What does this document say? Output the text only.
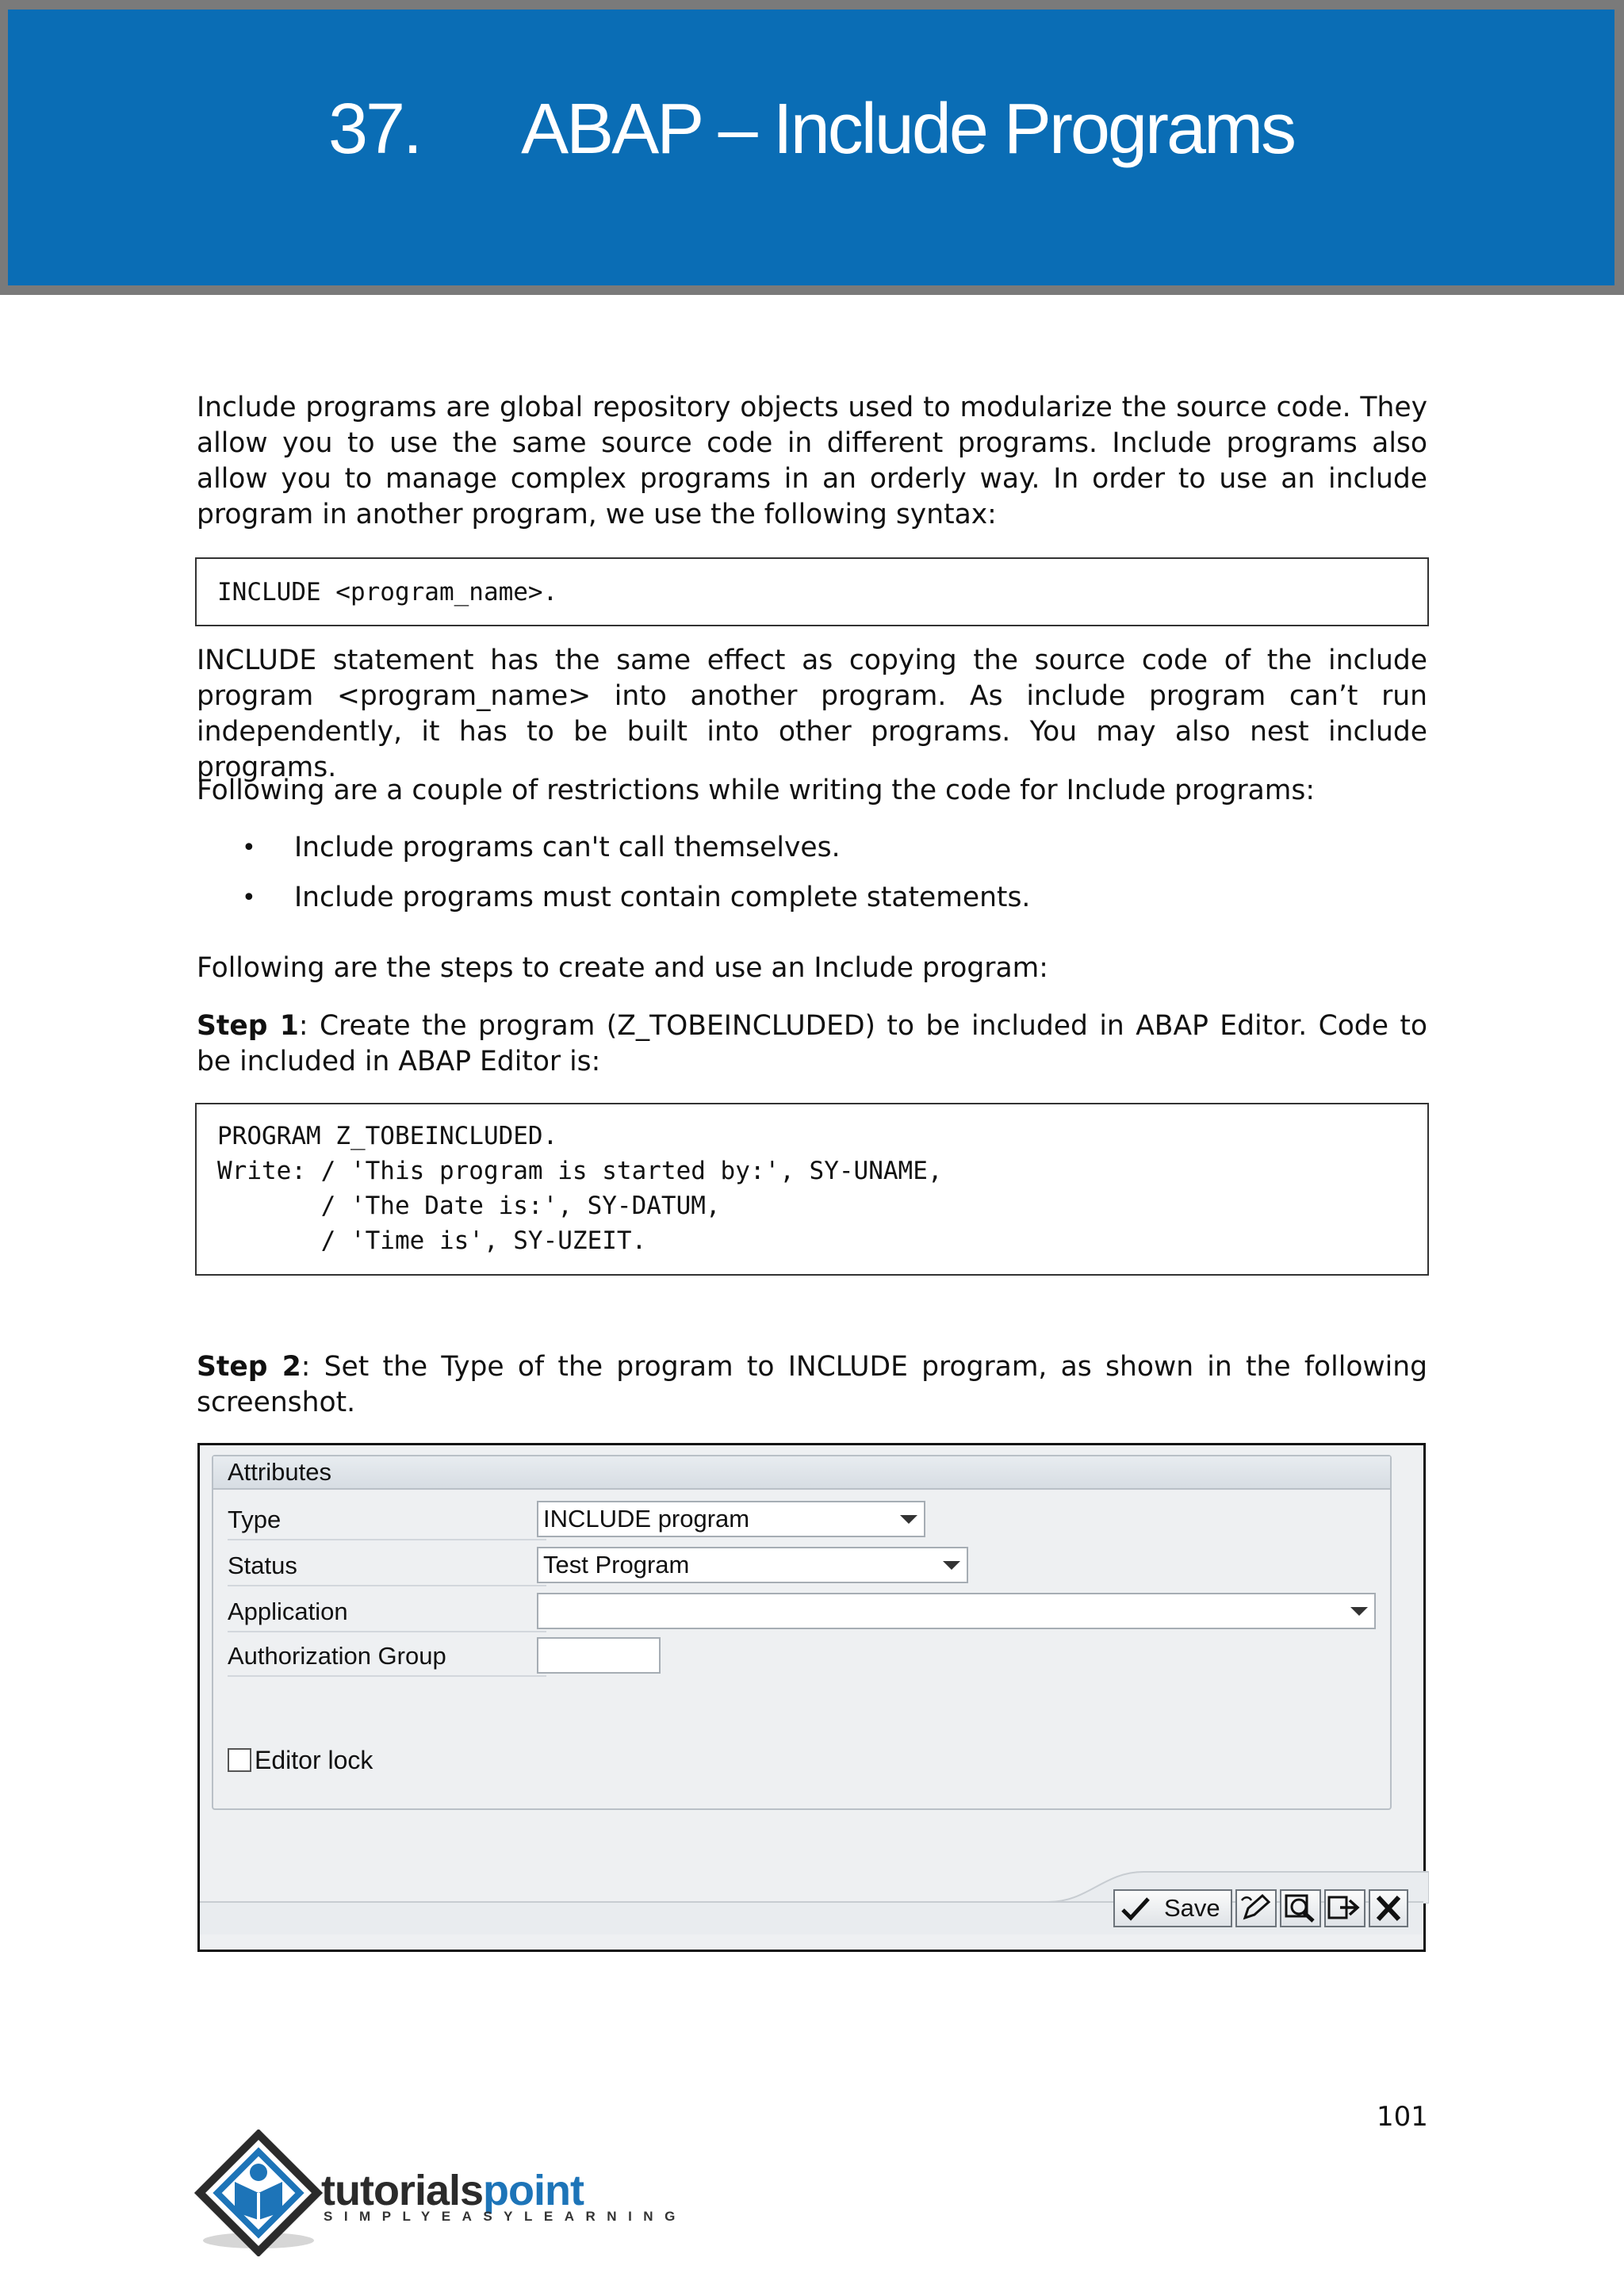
37. ABAP – Include Programs

Include programs are global repository objects used to modularize the source code. They allow you to use the same source code in different programs. Include programs also allow you to manage complex programs in an orderly way. In order to use an include program in another program, we use the following syntax:

INCLUDE <program_name>.

INCLUDE statement has the same effect as copying the source code of the include program <program_name> into another program. As include program can’t run independently, it has to be built into other programs. You may also nest include programs.

Following are a couple of restrictions while writing the code for Include programs:

• Include programs can't call themselves.
• Include programs must contain complete statements.

Following are the steps to create and use an Include program:

Step 1: Create the program (Z_TOBEINCLUDED) to be included in ABAP Editor. Code to be included in ABAP Editor is:

PROGRAM Z_TOBEINCLUDED.
Write: / 'This program is started by:', SY-UNAME,
/ 'The Date is:', SY-DATUM,
/ 'Time is', SY-UZEIT.

Step 2: Set the Type of the program to INCLUDE program, as shown in the following screenshot.

Attributes
Type	INCLUDE program
Status	Test Program
Application
Authorization Group
Editor lock
Save
101
tutorialspoint
SIMPLYEASYLEARNING
